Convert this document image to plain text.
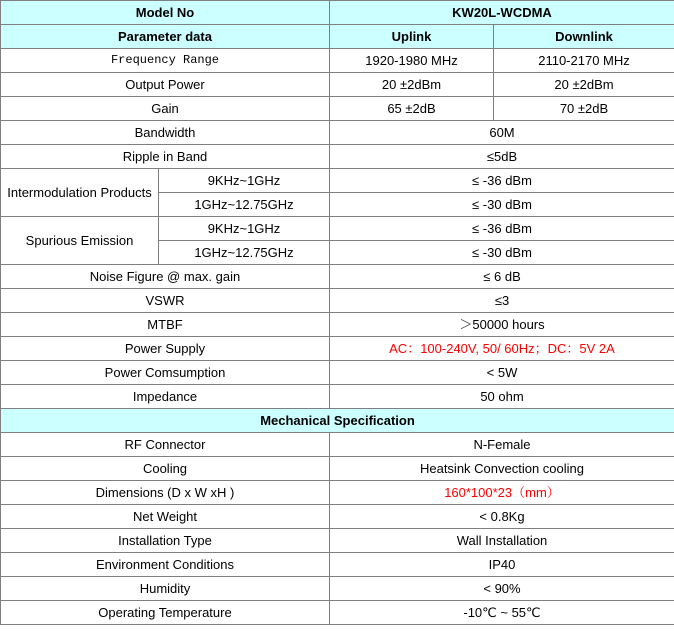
Model No		KW20L-WCDMA	
Parameter data		Uplink	Downlink
Frequency Range		1920-1980 MHz	2110-2170 MHz
Output Power		20 ±2dBm	20 ±2dBm
Gain		65 ±2dB	70 ±2dB
Bandwidth		60M	
Ripple in Band		≤5dB	
Intermodulation Products	9KHz~1GHz	≤ -36 dBm	
	1GHz~12.75GHz	≤ -30 dBm	
Spurious Emission	9KHz~1GHz	≤ -36 dBm	
	1GHz~12.75GHz	≤ -30 dBm	
Noise Figure @ max. gain		≤ 6 dB	
VSWR		≤3	
MTBF		＞50000 hours	
Power Supply		AC：100-240V, 50/ 60Hz；DC：5V 2A	
Power Comsumption		< 5W	
Impedance		50 ohm	
Mechanical Specification			
RF Connector		N-Female	
Cooling		Heatsink Convection cooling	
Dimensions (D x W xH )		160*100*23（mm）	
Net Weight		< 0.8Kg	
Installation Type		Wall Installation	
Environment Conditions		IP40	
Humidity		< 90%	
Operating Temperature		-10℃ ~ 55℃	
